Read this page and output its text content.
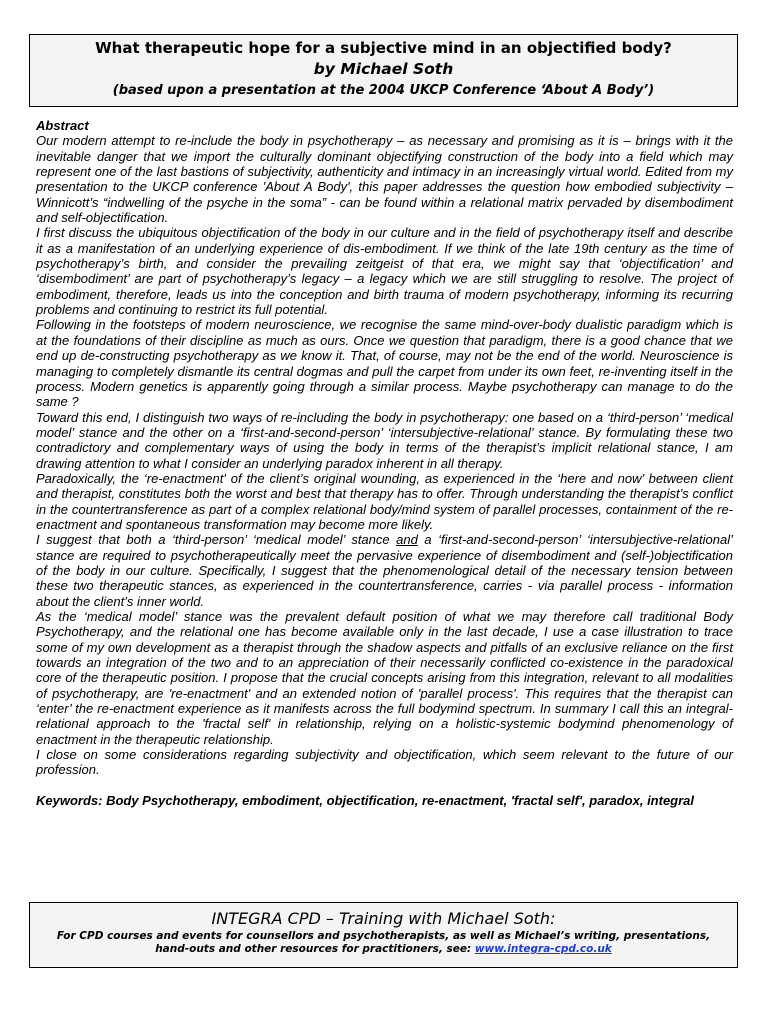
What therapeutic hope for a subjective mind in an objectified body?
by Michael Soth
(based upon a presentation at the 2004 UKCP Conference ‘About A Body’)

Abstract

Our modern attempt to re-include the body in psychotherapy – as necessary and promising as it is – brings with it the inevitable danger that we import the culturally dominant objectifying construction of the body into a field which may represent one of the last bastions of subjectivity, authenticity and intimacy in an increasingly virtual world. Edited from my presentation to the UKCP conference 'About A Body', this paper addresses the question how embodied subjectivity – Winnicott’s “indwelling of the psyche in the soma” - can be found within a relational matrix pervaded by disembodiment and self-objectification.

I first discuss the ubiquitous objectification of the body in our culture and in the field of psychotherapy itself and describe it as a manifestation of an underlying experience of dis-embodiment. If we think of the late 19th century as the time of psychotherapy’s birth, and consider the prevailing zeitgeist of that era, we might say that ‘objectification’ and ‘disembodiment’ are part of psychotherapy’s legacy – a legacy which we are still struggling to resolve. The project of embodiment, therefore, leads us into the conception and birth trauma of modern psychotherapy, informing its recurring problems and continuing to restrict its full potential.

Following in the footsteps of modern neuroscience, we recognise the same mind-over-body dualistic paradigm which is at the foundations of their discipline as much as ours. Once we question that paradigm, there is a good chance that we end up de-constructing psychotherapy as we know it. That, of course, may not be the end of the world. Neuroscience is managing to completely dismantle its central dogmas and pull the carpet from under its own feet, re-inventing itself in the process. Modern genetics is apparently going through a similar process. Maybe psychotherapy can manage to do the same ?

Toward this end, I distinguish two ways of re-including the body in psychotherapy: one based on a ‘third-person’ ‘medical model’ stance and the other on a ‘first-and-second-person’ ‘intersubjective-relational’ stance. By formulating these two contradictory and complementary ways of using the body in terms of the therapist’s implicit relational stance, I am drawing attention to what I consider an underlying paradox inherent in all therapy.

Paradoxically, the ‘re-enactment' of the client’s original wounding, as experienced in the ‘here and now’ between client and therapist, constitutes both the worst and best that therapy has to offer. Through understanding the therapist’s conflict in the countertransference as part of a complex relational body/mind system of parallel processes, containment of the re-enactment and spontaneous transformation may become more likely.

I suggest that both a ‘third-person’ ‘medical model’ stance and a ‘first-and-second-person’ ‘intersubjective-relational’ stance are required to psychotherapeutically meet the pervasive experience of disembodiment and (self-)objectification of the body in our culture. Specifically, I suggest that the phenomenological detail of the necessary tension between these two therapeutic stances, as experienced in the countertransference, carries - via parallel process - information about the client’s inner world.

As the ‘medical model’ stance was the prevalent default position of what we may therefore call traditional Body Psychotherapy, and the relational one has become available only in the last decade, I use a case illustration to trace some of my own development as a therapist through the shadow aspects and pitfalls of an exclusive reliance on the first towards an integration of the two and to an appreciation of their necessarily conflicted co-existence in the paradoxical core of the therapeutic position. I propose that the crucial concepts arising from this integration, relevant to all modalities of psychotherapy, are 're-enactment' and an extended notion of 'parallel process'. This requires that the therapist can ‘enter’ the re-enactment experience as it manifests across the full bodymind spectrum. In summary I call this an integral-relational approach to the 'fractal self' in relationship, relying on a holistic-systemic bodymind phenomenology of enactment in the therapeutic relationship.

I close on some considerations regarding subjectivity and objectification, which seem relevant to the future of our profession.

Keywords: Body Psychotherapy, embodiment, objectification, re-enactment, 'fractal self', paradox, integral

INTEGRA CPD – Training with Michael Soth:
For CPD courses and events for counsellors and psychotherapists, as well as Michael’s writing, presentations, hand-outs and other resources for practitioners, see: www.integra-cpd.co.uk
